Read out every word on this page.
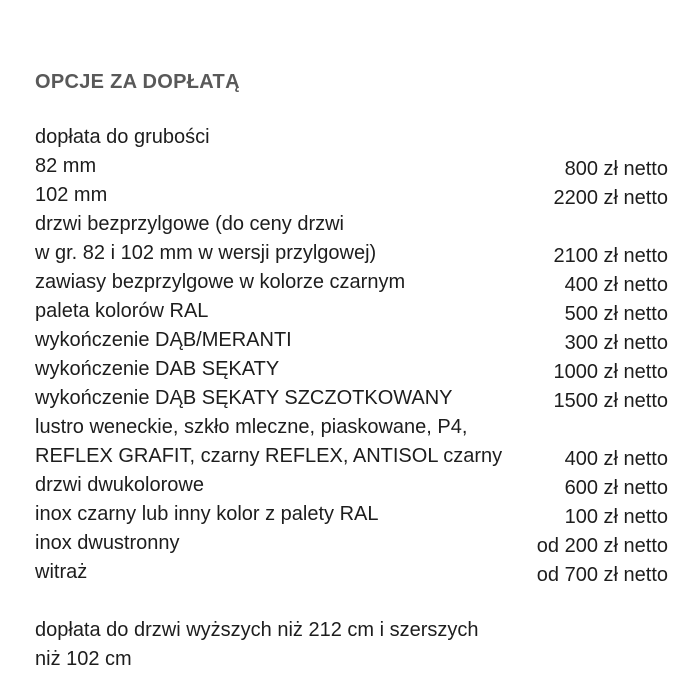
OPCJE ZA DOPŁATĄ
dopłata do grubości
82 mm	800 zł netto
102 mm	2200 zł netto
drzwi bezprzylgowe (do ceny drzwi
w gr. 82 i 102 mm w wersji przylgowej)	2100 zł netto
zawiasy bezprzylgowe w kolorze czarnym	400 zł netto
paleta kolorów RAL	500 zł netto
wykończenie DĄB/MERANTI	300 zł netto
wykończenie DAB SĘKATY	1000 zł netto
wykończenie DĄB SĘKATY SZCZOTKOWANY	1500 zł netto
lustro weneckie, szkło mleczne, piaskowane, P4,
REFLEX GRAFIT, czarny REFLEX, ANTISOL czarny	400 zł netto
drzwi dwukolorowe	600 zł netto
inox czarny lub inny kolor z palety RAL	100 zł netto
inox dwustronny	od 200 zł netto
witraż	od 700 zł netto
dopłata do drzwi wyższych niż 212 cm i szerszych
niż 102 cm
